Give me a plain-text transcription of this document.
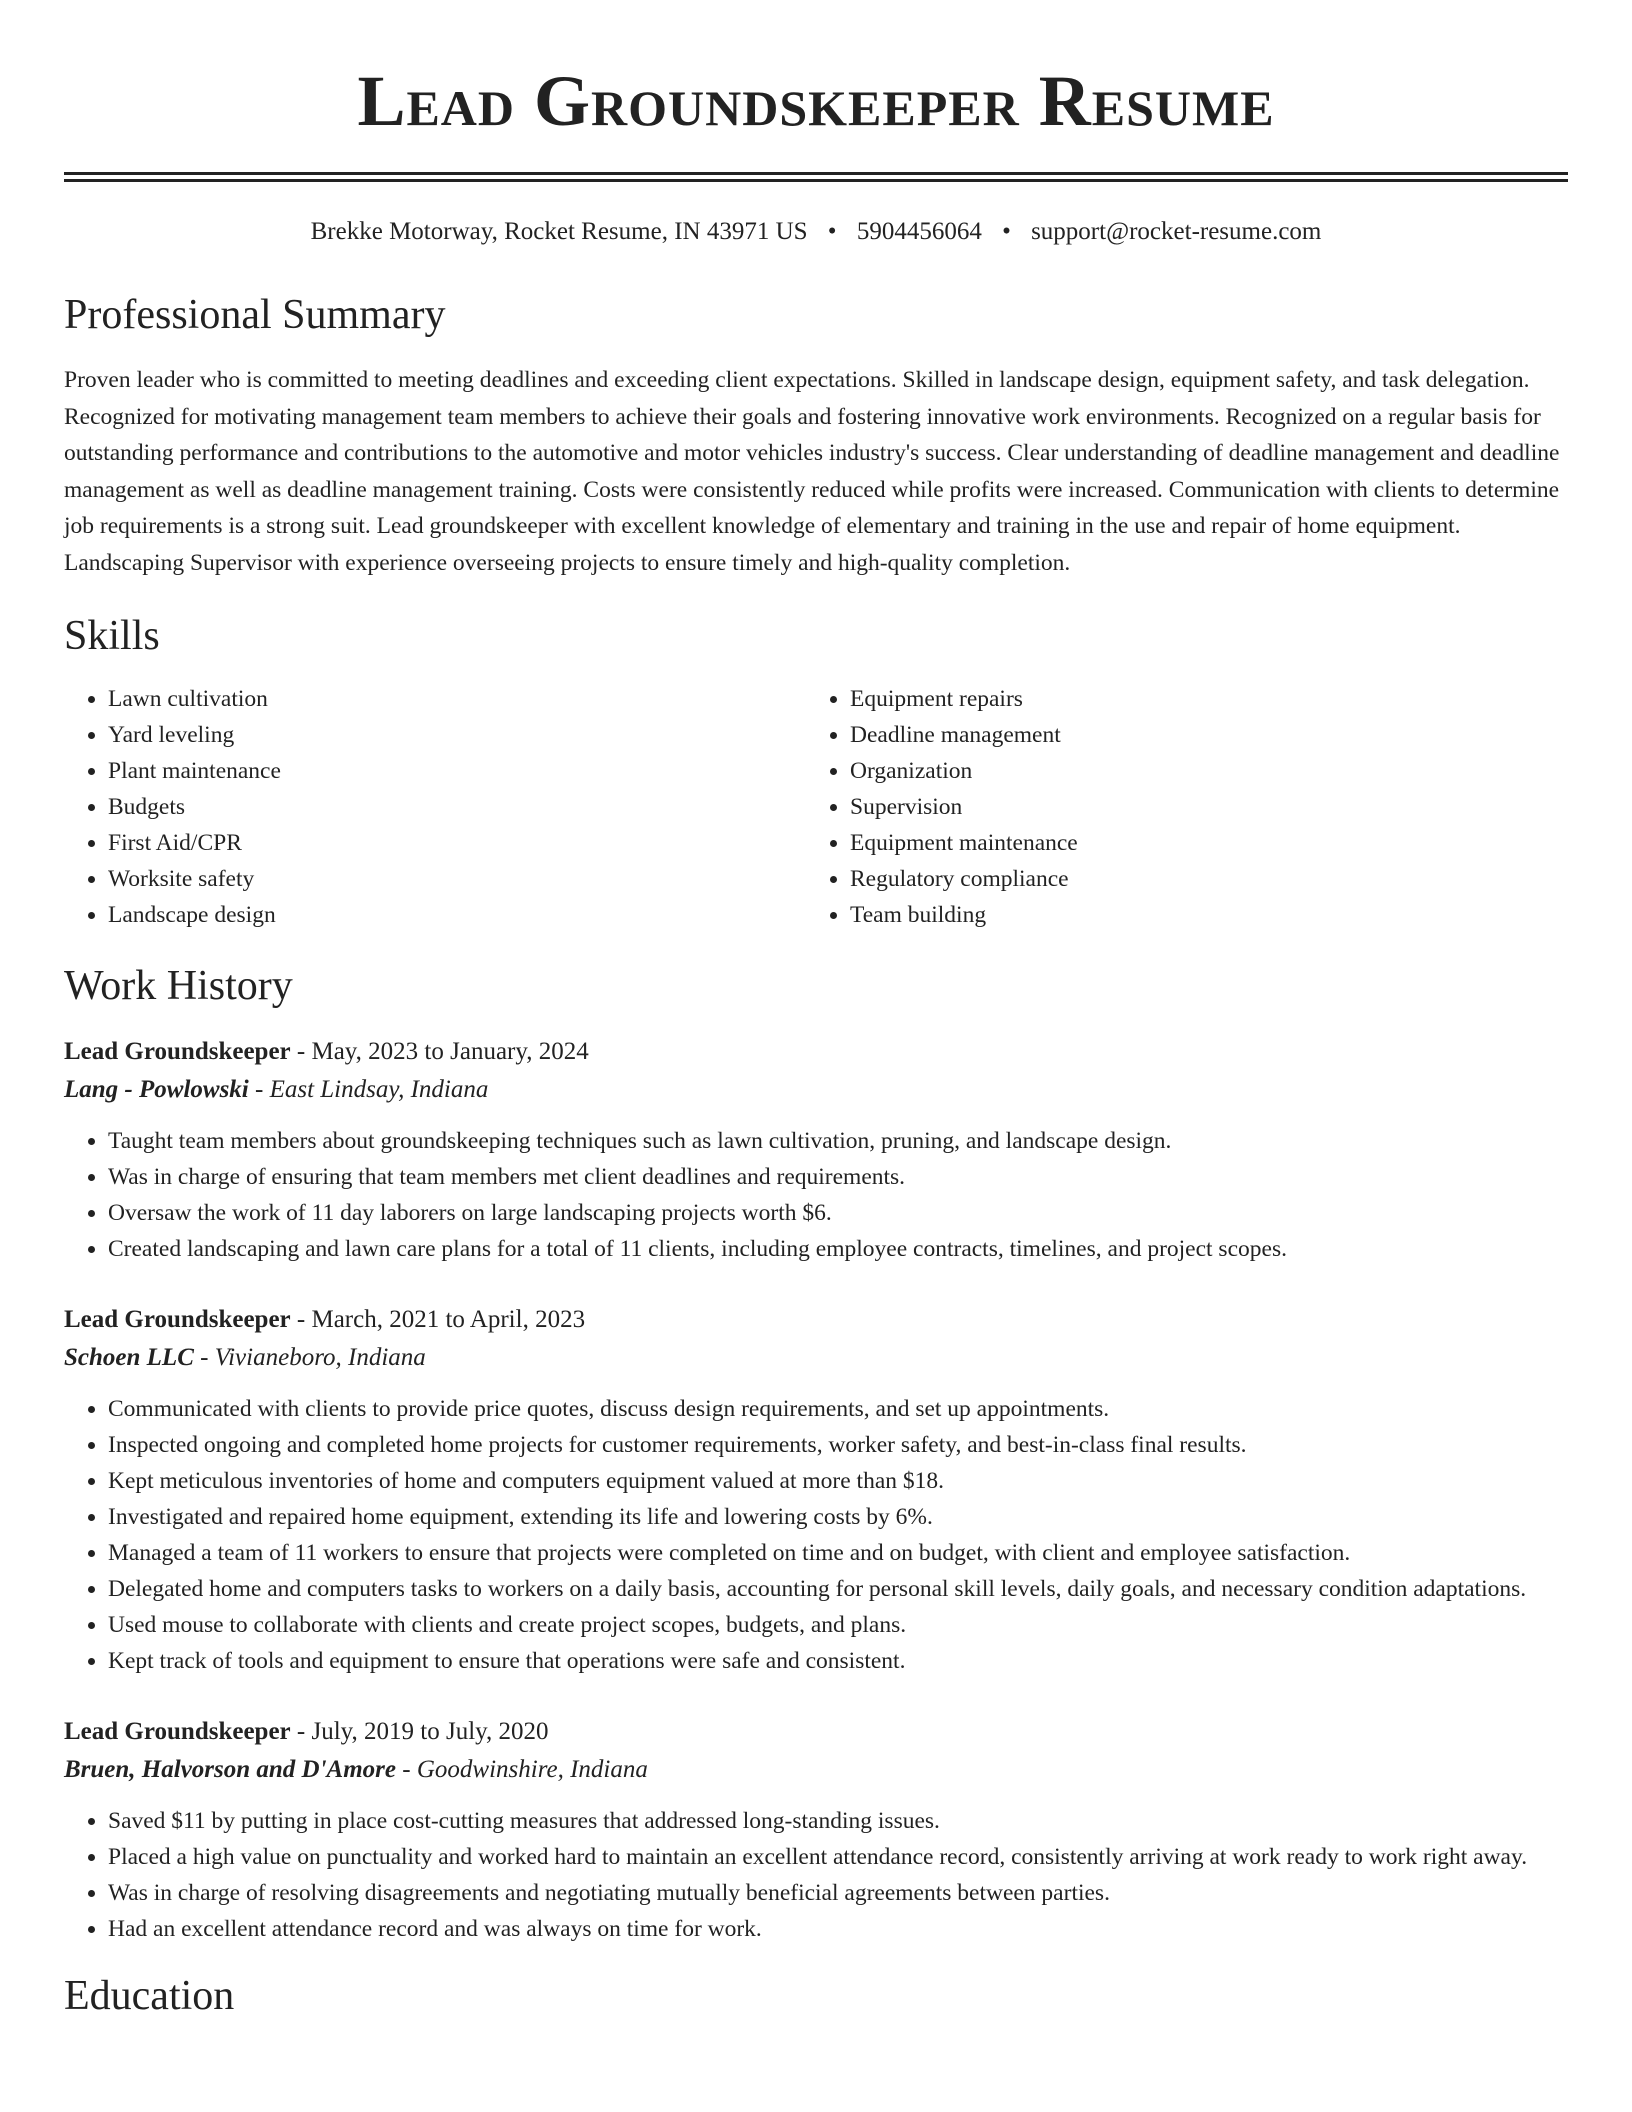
Lead Groundskeeper Resume
Brekke Motorway, Rocket Resume, IN 43971 US • 5904456064 • support@rocket-resume.com
Professional Summary
Proven leader who is committed to meeting deadlines and exceeding client expectations. Skilled in landscape design, equipment safety, and task delegation. Recognized for motivating management team members to achieve their goals and fostering innovative work environments. Recognized on a regular basis for outstanding performance and contributions to the automotive and motor vehicles industry's success. Clear understanding of deadline management and deadline management as well as deadline management training. Costs were consistently reduced while profits were increased. Communication with clients to determine job requirements is a strong suit. Lead groundskeeper with excellent knowledge of elementary and training in the use and repair of home equipment. Landscaping Supervisor with experience overseeing projects to ensure timely and high-quality completion.
Skills
• Lawn cultivation
• Yard leveling
• Plant maintenance
• Budgets
• First Aid/CPR
• Worksite safety
• Landscape design
• Equipment repairs
• Deadline management
• Organization
• Supervision
• Equipment maintenance
• Regulatory compliance
• Team building
Work History
Lead Groundskeeper - May, 2023 to January, 2024
Lang - Powlowski - East Lindsay, Indiana
• Taught team members about groundskeeping techniques such as lawn cultivation, pruning, and landscape design.
• Was in charge of ensuring that team members met client deadlines and requirements.
• Oversaw the work of 11 day laborers on large landscaping projects worth $6.
• Created landscaping and lawn care plans for a total of 11 clients, including employee contracts, timelines, and project scopes.
Lead Groundskeeper - March, 2021 to April, 2023
Schoen LLC - Vivianeboro, Indiana
• Communicated with clients to provide price quotes, discuss design requirements, and set up appointments.
• Inspected ongoing and completed home projects for customer requirements, worker safety, and best-in-class final results.
• Kept meticulous inventories of home and computers equipment valued at more than $18.
• Investigated and repaired home equipment, extending its life and lowering costs by 6%.
• Managed a team of 11 workers to ensure that projects were completed on time and on budget, with client and employee satisfaction.
• Delegated home and computers tasks to workers on a daily basis, accounting for personal skill levels, daily goals, and necessary condition adaptations.
• Used mouse to collaborate with clients and create project scopes, budgets, and plans.
• Kept track of tools and equipment to ensure that operations were safe and consistent.
Lead Groundskeeper - July, 2019 to July, 2020
Bruen, Halvorson and D'Amore - Goodwinshire, Indiana
• Saved $11 by putting in place cost-cutting measures that addressed long-standing issues.
• Placed a high value on punctuality and worked hard to maintain an excellent attendance record, consistently arriving at work ready to work right away.
• Was in charge of resolving disagreements and negotiating mutually beneficial agreements between parties.
• Had an excellent attendance record and was always on time for work.
Education
